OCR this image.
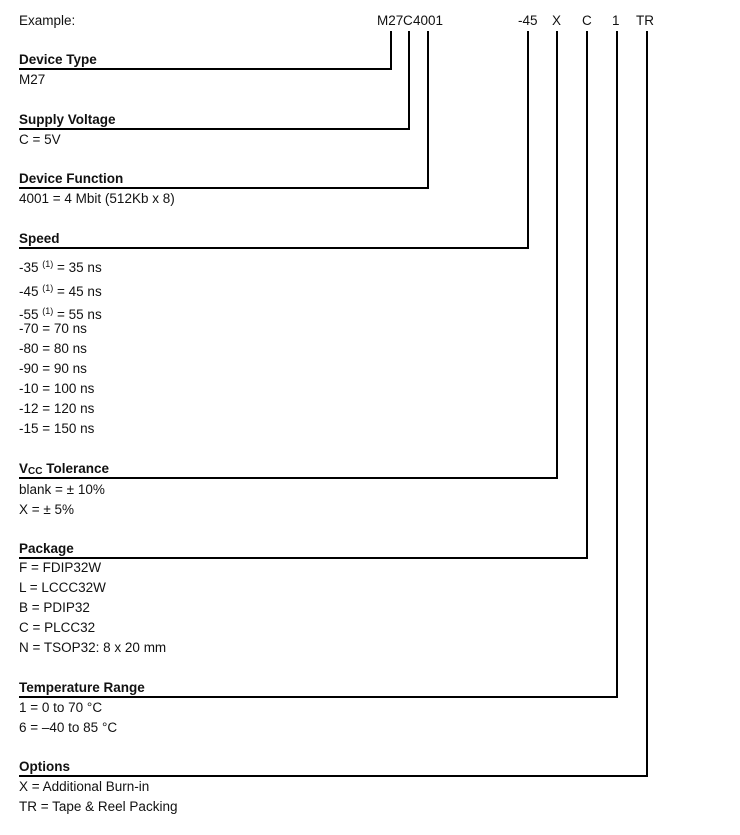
Example:	M27 C 4001	-45 X C 1 TR
Device Type
M27
Supply Voltage
C = 5V
Device Function
4001 = 4 Mbit (512Kb x 8)
Speed
-35 $^{(1)}$ = 35 ns
-45 $^{(1)}$ = 45 ns
-55 $^{(1)}$ = 55 ns
-70 = 70 ns
-80 = 80 ns
-90 = 90 ns
-10 = 100 ns
-12 = 120 ns
-15 = 150 ns
VCC Tolerance
blank = ± 10%
X = ± 5%
Package
F = FDIP32W
L = LCCC32W
B = PDIP32
C = PLCC32
N = TSOP32: 8 x 20 mm
Temperature Range
1 = 0 to 70 °C
6 = –40 to 85 °C
Options
X = Additional Burn-in
TR = Tape & Reel Packing
